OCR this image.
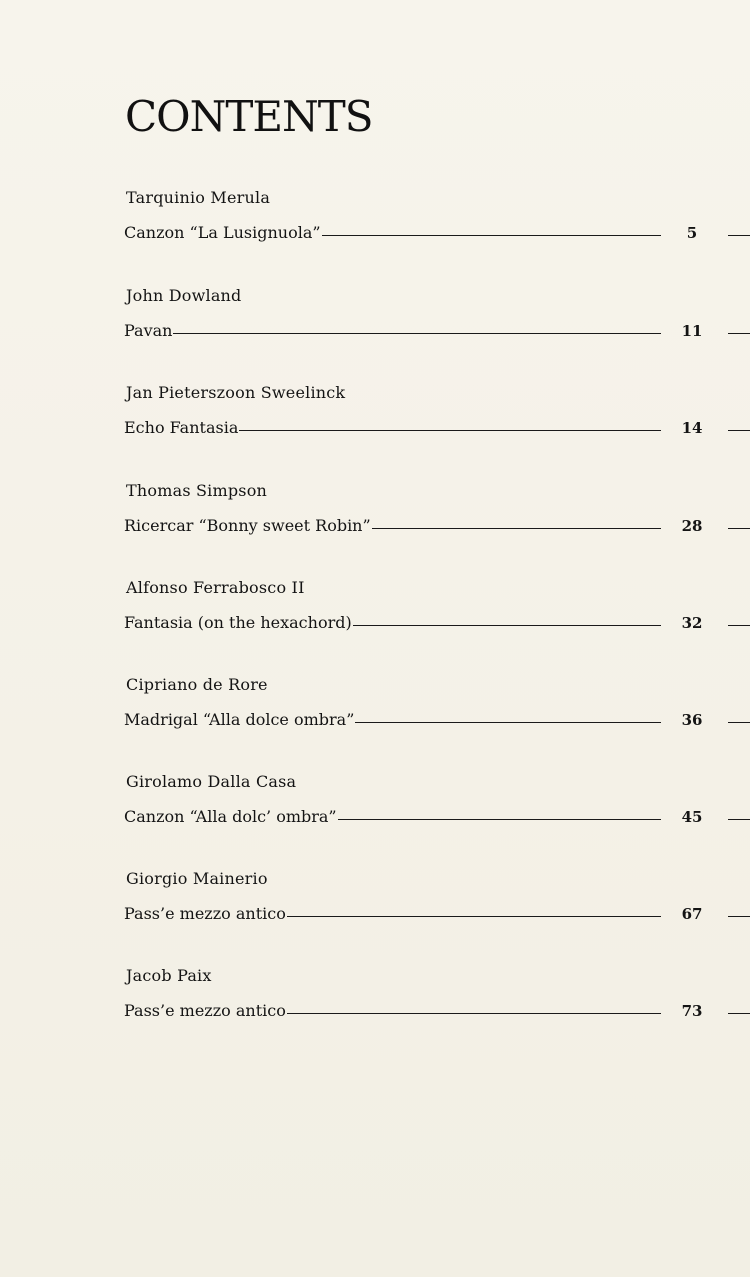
CONTENTS
Tarquinio Merula
Canzon “La Lusignuola”	5
John Dowland
Pavan	11
Jan Pieterszoon Sweelinck
Echo Fantasia	14
Thomas Simpson
Ricercar “Bonny sweet Robin”	28
Alfonso Ferrabosco II
Fantasia (on the hexachord)	32
Cipriano de Rore
Madrigal “Alla dolce ombra”	36
Girolamo Dalla Casa
Canzon “Alla dolc’ ombra”	45
Giorgio Mainerio
Pass’e mezzo antico	67
Jacob Paix
Pass’e mezzo antico	73
